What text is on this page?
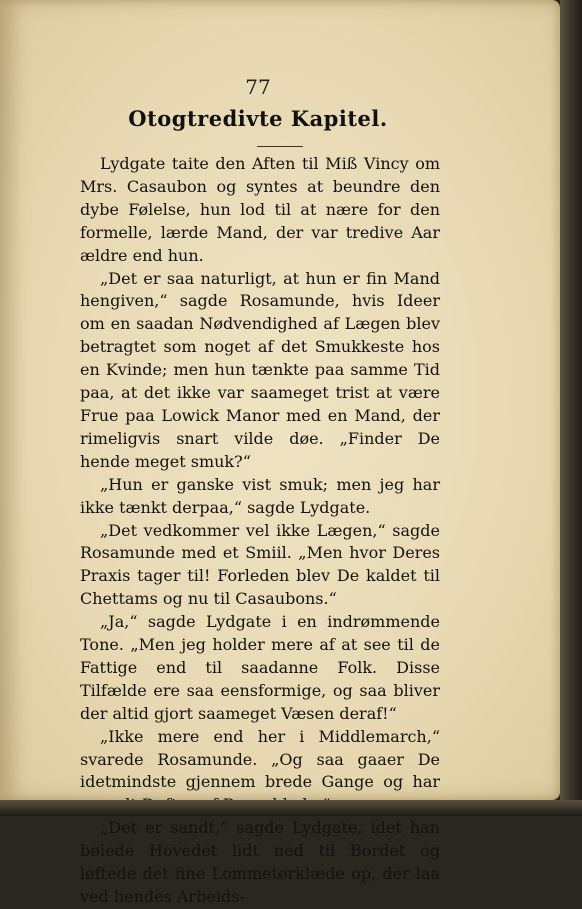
77
Otogtredivte Kapitel.

Lydgate taite den Aften til Miß Vincy om Mrs. Casaubon og syntes at beundre den dybe Følelse, hun lod til at nære for den formelle, lærde Mand, der var tredive Aar ældre end hun.

„Det er saa naturligt, at hun er fin Mand hengiven,“ sagde Rosamunde, hvis Ideer om en saadan Nødvendighed af Lægen blev betragtet som noget af det Smukkeste hos en Kvinde; men hun tænkte paa samme Tid paa, at det ikke var saameget trist at være Frue paa Lowick Manor med en Mand, der rimeligvis snart vilde døe. „Finder De hende meget smuk?“

„Hun er ganske vist smuk; men jeg har ikke tænkt derpaa,“ sagde Lydgate.

„Det vedkommer vel ikke Lægen,“ sagde Rosamunde med et Smiil. „Men hvor Deres Praxis tager til! Forleden blev De kaldet til Chettams og nu til Casaubons.“

„Ja,“ sagde Lydgate i en indrømmende Tone. „Men jeg holder mere af at see til de Fattige end til saadanne Folk. Disse Tilfælde ere saa eensformige, og saa bliver der altid gjort saameget Væsen deraf!“

„Ikke mere end her i Middlemarch,“ svarede Rosamunde. „Og saa gaaer De idetmindste gjennem brede Gange og har

„Det er sandt,“ sagde Lydgate, idet han bøiede Hovedet lidt ned til Bordet og løftede det fine Lommetørklæde op, der laa ved hendes Arbeids-
